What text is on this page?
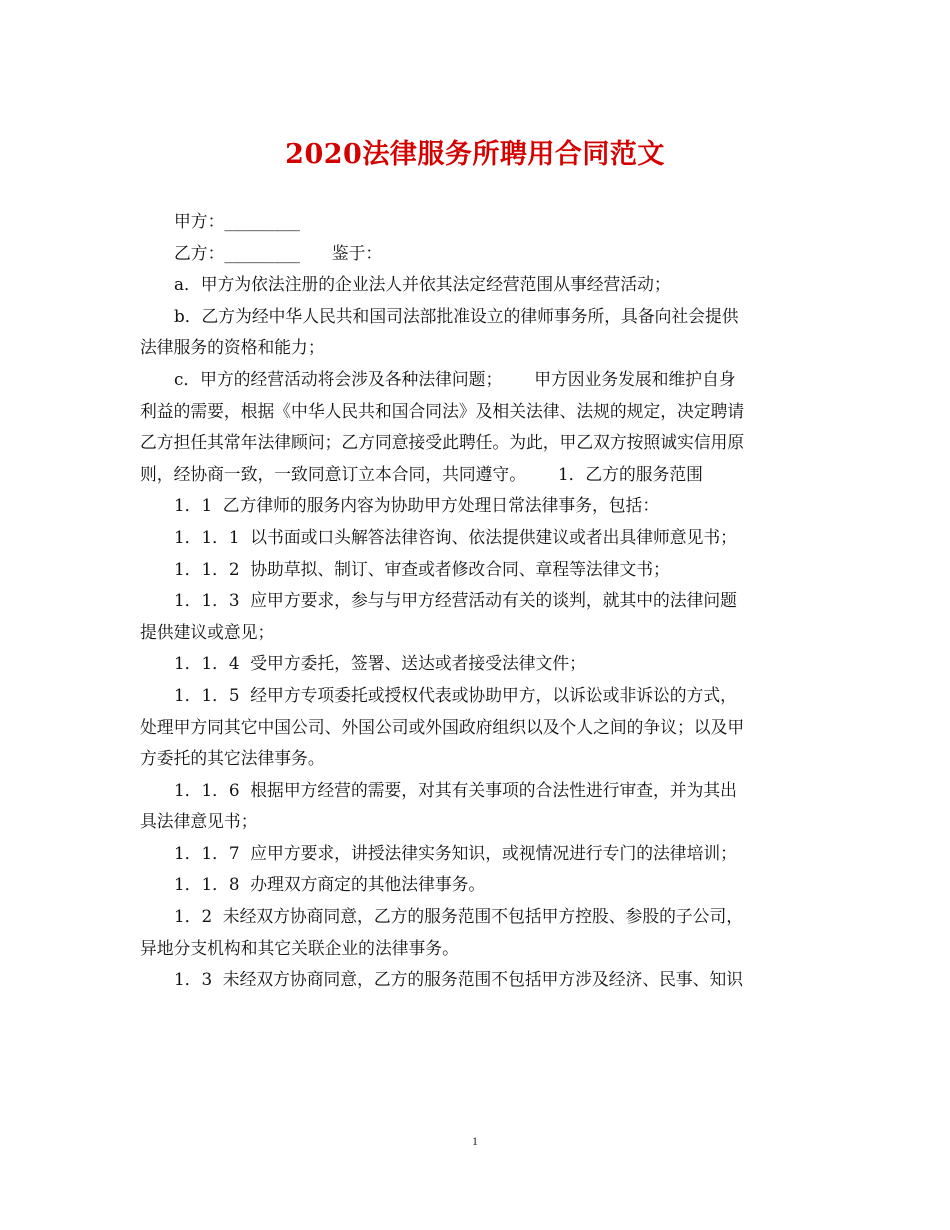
2020法律服务所聘用合同范文
甲方：_________
乙方：_________      鉴于：
a．甲方为依法注册的企业法人并依其法定经营范围从事经营活动；
b．乙方为经中华人民共和国司法部批准设立的律师事务所，具备向社会提供
法律服务的资格和能力；
c．甲方的经营活动将会涉及各种法律问题；      甲方因业务发展和维护自身
利益的需要，根据《中华人民共和国合同法》及相关法律、法规的规定，决定聘请
乙方担任其常年法律顾问；乙方同意接受此聘任。为此，甲乙双方按照诚实信用原
则，经协商一致，一致同意订立本合同，共同遵守。      1．乙方的服务范围
1．1  乙方律师的服务内容为协助甲方处理日常法律事务，包括：
1．1．1  以书面或口头解答法律咨询、依法提供建议或者出具律师意见书；
1．1．2  协助草拟、制订、审查或者修改合同、章程等法律文书；
1．1．3  应甲方要求，参与与甲方经营活动有关的谈判，就其中的法律问题
提供建议或意见；
1．1．4  受甲方委托，签署、送达或者接受法律文件；
1．1．5  经甲方专项委托或授权代表或协助甲方，以诉讼或非诉讼的方式，
处理甲方同其它中国公司、外国公司或外国政府组织以及个人之间的争议；以及甲
方委托的其它法律事务。
1．1．6  根据甲方经营的需要，对其有关事项的合法性进行审查，并为其出
具法律意见书；
1．1．7  应甲方要求，讲授法律实务知识，或视情况进行专门的法律培训；
1．1．8  办理双方商定的其他法律事务。
1．2  未经双方协商同意，乙方的服务范围不包括甲方控股、参股的子公司，
异地分支机构和其它关联企业的法律事务。
1．3  未经双方协商同意，乙方的服务范围不包括甲方涉及经济、民事、知识
1
